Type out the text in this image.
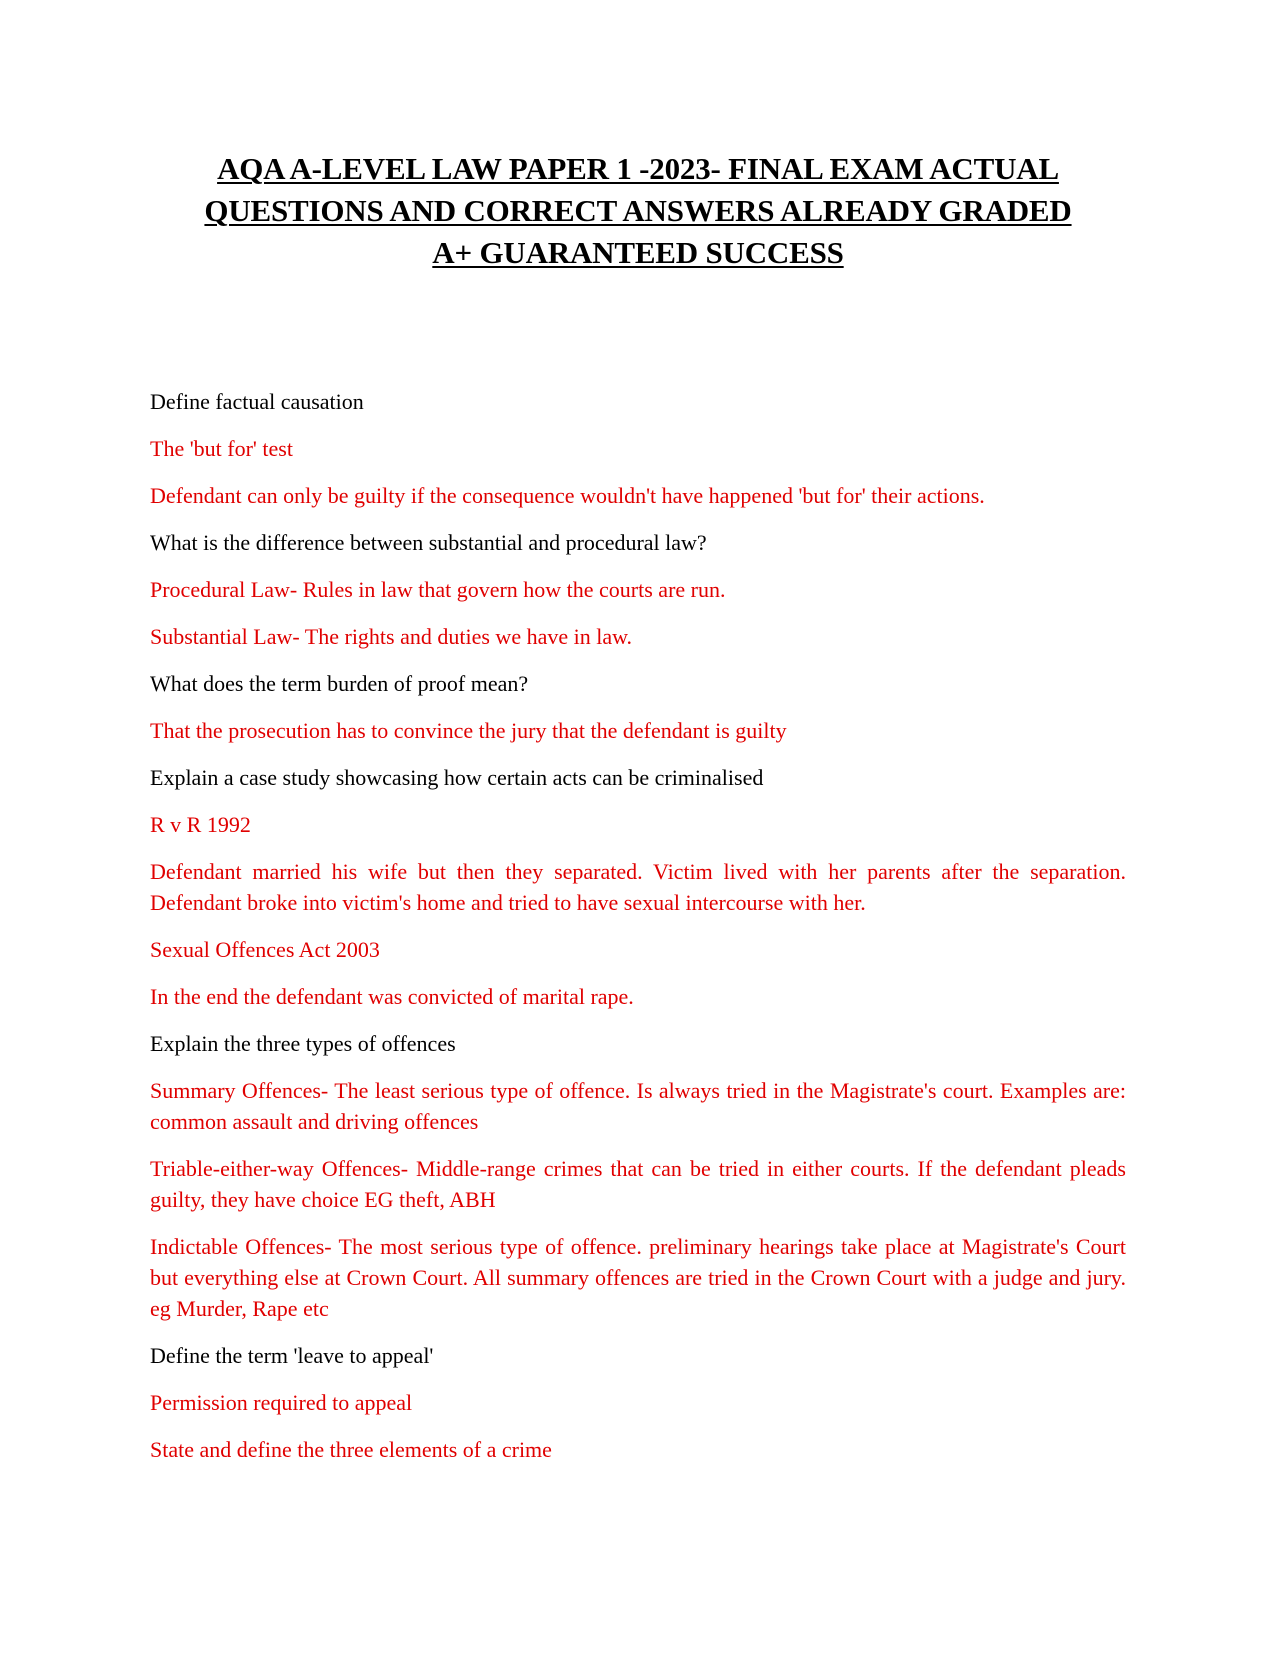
AQA A-LEVEL LAW PAPER 1 -2023- FINAL EXAM ACTUAL
QUESTIONS AND CORRECT ANSWERS ALREADY GRADED
A+ GUARANTEED SUCCESS

Define factual causation

The 'but for' test

Defendant can only be guilty if the consequence wouldn't have happened 'but for' their actions.

What is the difference between substantial and procedural law?

Procedural Law- Rules in law that govern how the courts are run.

Substantial Law- The rights and duties we have in law.

What does the term burden of proof mean?

That the prosecution has to convince the jury that the defendant is guilty

Explain a case study showcasing how certain acts can be criminalised

R v R 1992

Defendant married his wife but then they separated. Victim lived with her parents after the separation. Defendant broke into victim's home and tried to have sexual intercourse with her.

Sexual Offences Act 2003

In the end the defendant was convicted of marital rape.

Explain the three types of offences

Summary Offences- The least serious type of offence. Is always tried in the Magistrate's court. Examples are: common assault and driving offences

Triable-either-way Offences- Middle-range crimes that can be tried in either courts. If the defendant pleads guilty, they have choice EG theft, ABH

Indictable Offences- The most serious type of offence. preliminary hearings take place at Magistrate's Court but everything else at Crown Court. All summary offences are tried in the Crown Court with a judge and jury. eg Murder, Rape etc

Define the term 'leave to appeal'

Permission required to appeal

State and define the three elements of a crime
